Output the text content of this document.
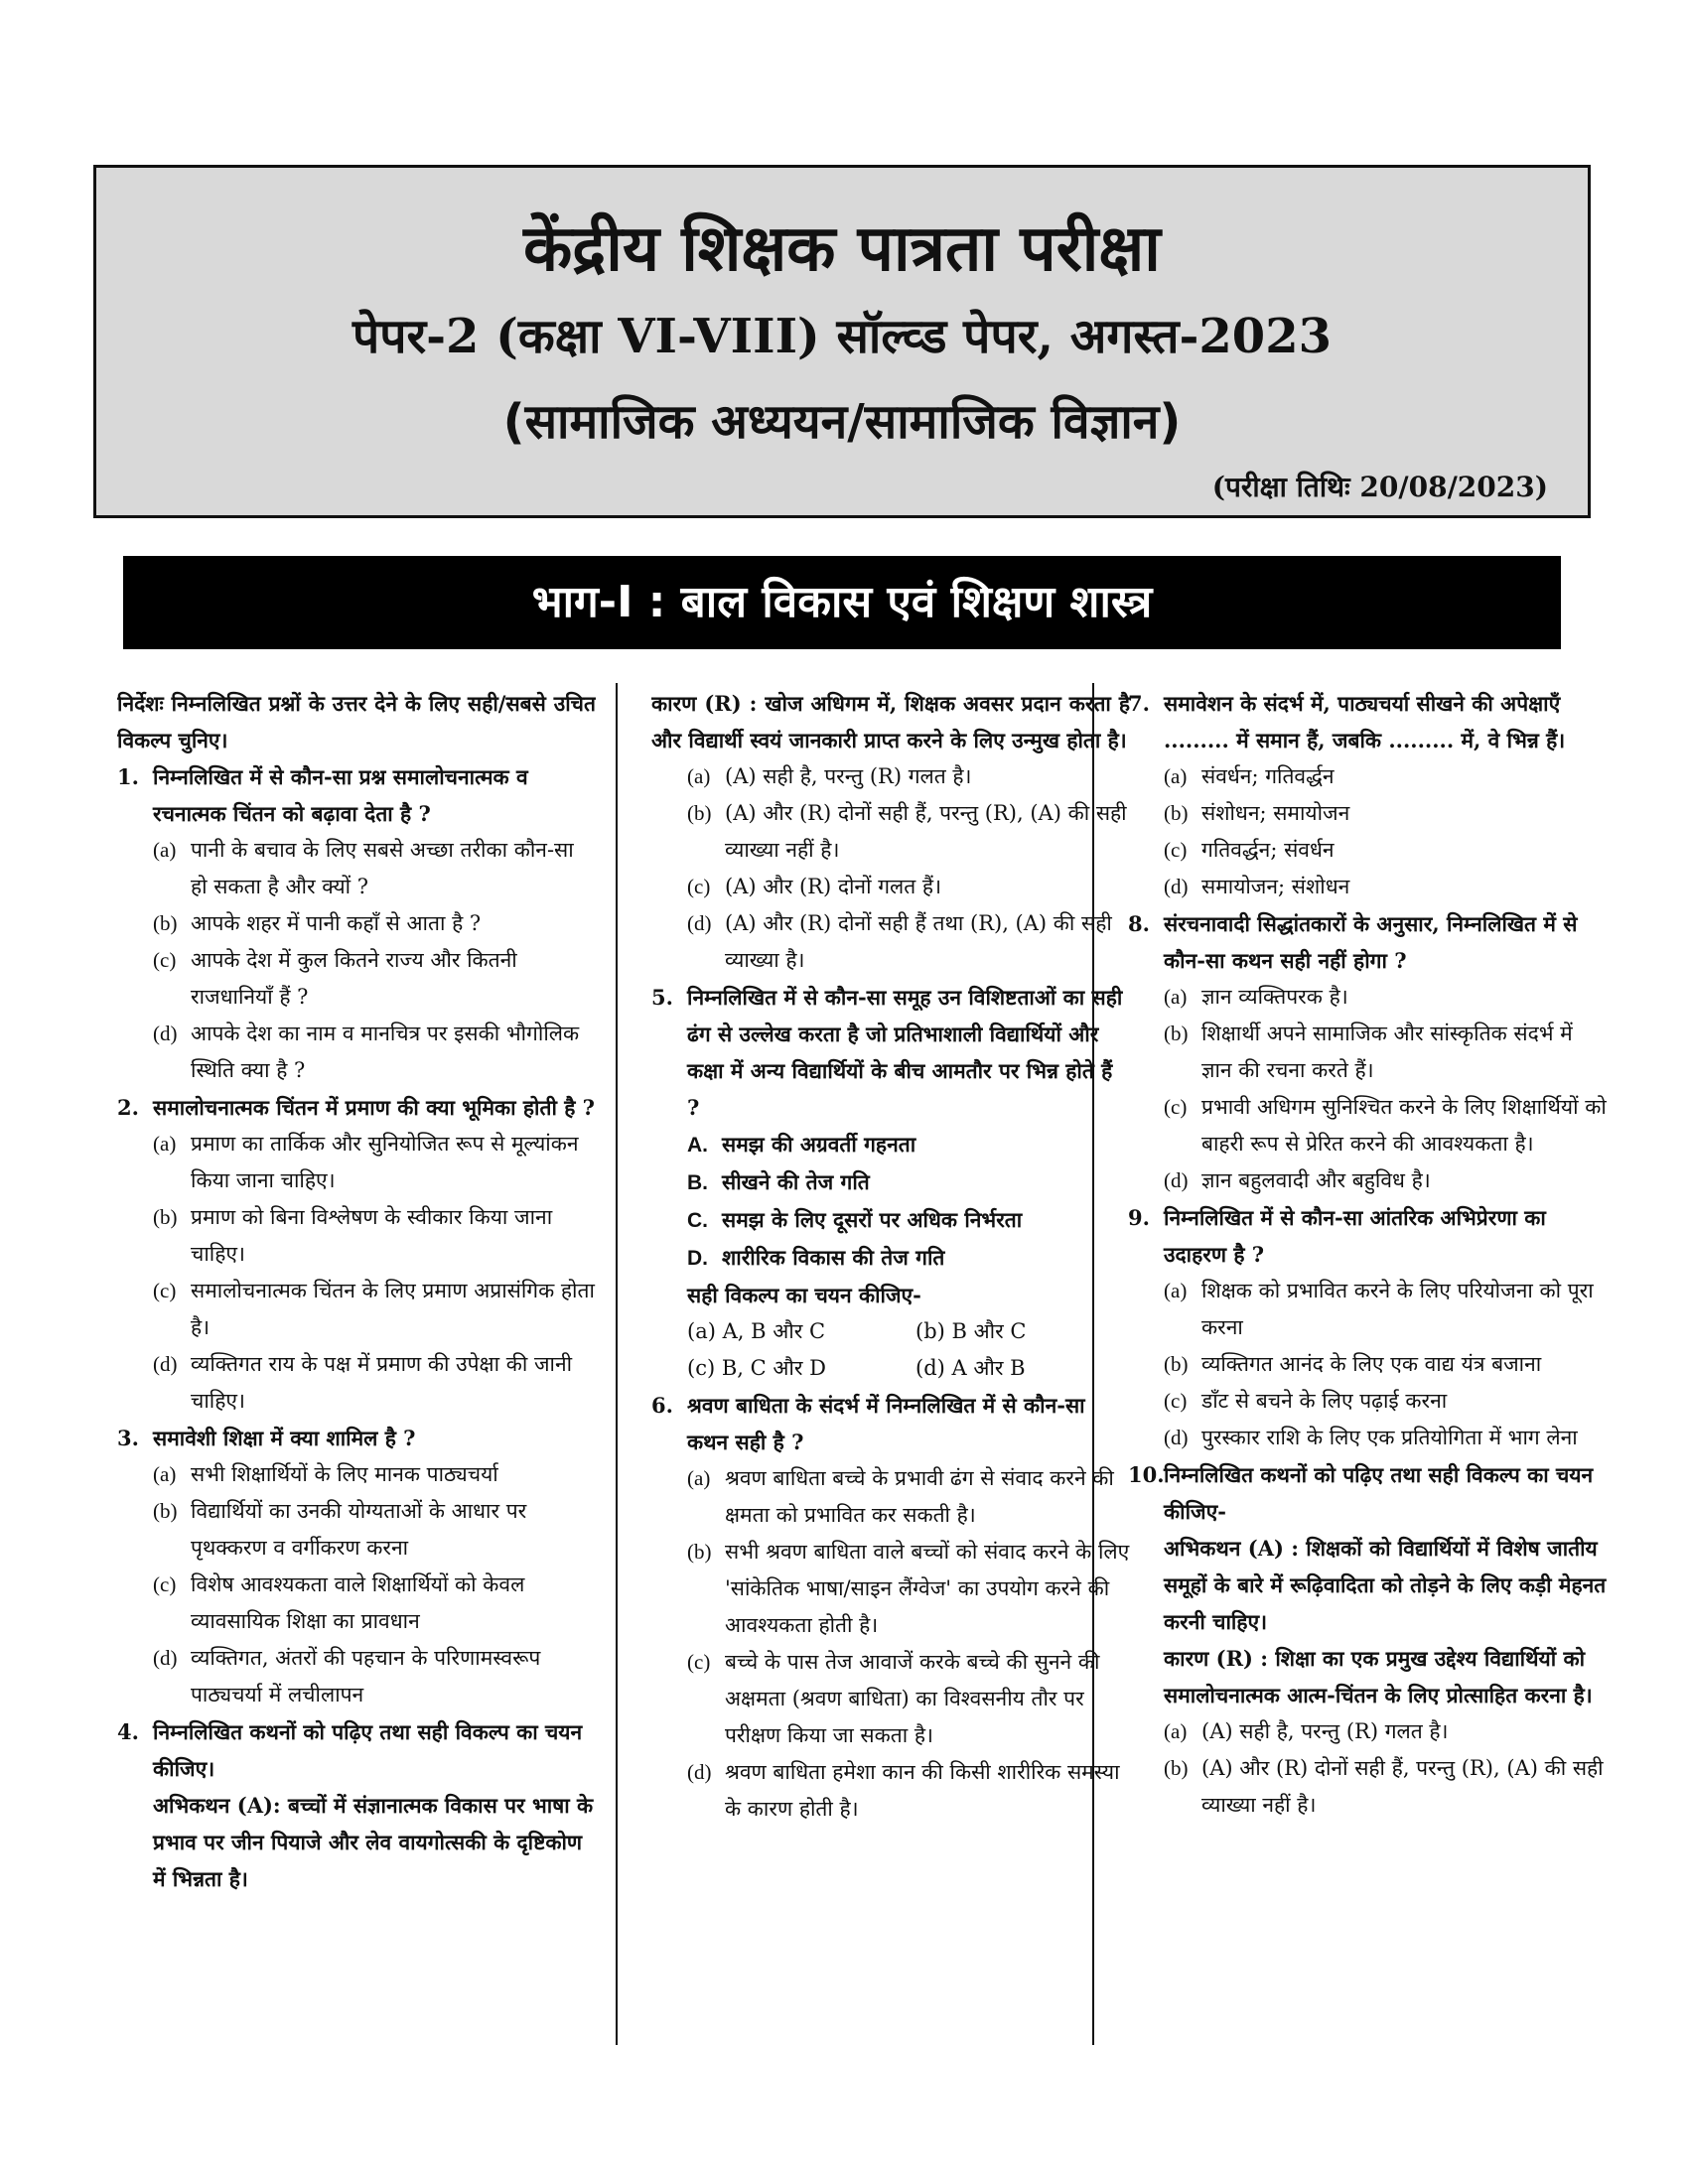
केंद्रीय शिक्षक पात्रता परीक्षा
पेपर-2 (कक्षा VI-VIII) सॉल्व्ड पेपर, अगस्त-2023
(सामाजिक अध्ययन/सामाजिक विज्ञान)
(परीक्षा तिथिः 20/08/2023)
भाग-I : बाल विकास एवं शिक्षण शास्त्र

निर्देशः निम्नलिखित प्रश्नों के उत्तर देने के लिए सही/सबसे उचित विकल्प चुनिए।

1. निम्नलिखित में से कौन-सा प्रश्न समालोचनात्मक व रचनात्मक चिंतन को बढ़ावा देता है ?

(a) पानी के बचाव के लिए सबसे अच्छा तरीका कौन-सा हो सकता है और क्यों ?

(b) आपके शहर में पानी कहाँ से आता है ?

(c) आपके देश में कुल कितने राज्य और कितनी राजधानियाँ हैं ?

(d) आपके देश का नाम व मानचित्र पर इसकी भौगोलिक स्थिति क्या है ?

2. समालोचनात्मक चिंतन में प्रमाण की क्या भूमिका होती है ?

(a) प्रमाण का तार्किक और सुनियोजित रूप से मूल्यांकन किया जाना चाहिए।

(b) प्रमाण को बिना विश्लेषण के स्वीकार किया जाना चाहिए।

(c) समालोचनात्मक चिंतन के लिए प्रमाण अप्रासंगिक होता है।

(d) व्यक्तिगत राय के पक्ष में प्रमाण की उपेक्षा की जानी चाहिए।

3. समावेशी शिक्षा में क्या शामिल है ?

(a) सभी शिक्षार्थियों के लिए मानक पाठ्यचर्या

(b) विद्यार्थियों का उनकी योग्यताओं के आधार पर पृथक्करण व वर्गीकरण करना

(c) विशेष आवश्यकता वाले शिक्षार्थियों को केवल व्यावसायिक शिक्षा का प्रावधान

(d) व्यक्तिगत, अंतरों की पहचान के परिणामस्वरूप पाठ्यचर्या में लचीलापन

4. निम्नलिखित कथनों को पढ़िए तथा सही विकल्प का चयन कीजिए।

अभिकथन (A): बच्चों में संज्ञानात्मक विकास पर भाषा के प्रभाव पर जीन पियाजे और लेव वायगोत्सकी के दृष्टिकोण में भिन्नता है।

कारण (R) : खोज अधिगम में, शिक्षक अवसर प्रदान करता है और विद्यार्थी स्वयं जानकारी प्राप्त करने के लिए उन्मुख होता है।

(a) (A) सही है, परन्तु (R) गलत है।

(b) (A) और (R) दोनों सही हैं, परन्तु (R), (A) की सही व्याख्या नहीं है।

(c) (A) और (R) दोनों गलत हैं।

(d) (A) और (R) दोनों सही हैं तथा (R), (A) की सही व्याख्या है।

5. निम्नलिखित में से कौन-सा समूह उन विशिष्टताओं का सही ढंग से उल्लेख करता है जो प्रतिभाशाली विद्यार्थियों और कक्षा में अन्य विद्यार्थियों के बीच आमतौर पर भिन्न होते हैं ?

A. समझ की अग्रवर्ती गहनता

B. सीखने की तेज गति

C. समझ के लिए दूसरों पर अधिक निर्भरता

D. शारीरिक विकास की तेज गति

सही विकल्प का चयन कीजिए-

(a) A, B और C	(b) B और C
(c) B, C और D	(d) A और B

6. श्रवण बाधिता के संदर्भ में निम्नलिखित में से कौन-सा कथन सही है ?

(a) श्रवण बाधिता बच्चे के प्रभावी ढंग से संवाद करने की क्षमता को प्रभावित कर सकती है।

(b) सभी श्रवण बाधिता वाले बच्चों को संवाद करने के लिए 'सांकेतिक भाषा/साइन लैंग्वेज' का उपयोग करने की आवश्यकता होती है।

(c) बच्चे के पास तेज आवाजें करके बच्चे की सुनने की अक्षमता (श्रवण बाधिता) का विश्वसनीय तौर पर परीक्षण किया जा सकता है।

(d) श्रवण बाधिता हमेशा कान की किसी शारीरिक समस्या के कारण होती है।

7. समावेशन के संदर्भ में, पाठ्यचर्या सीखने की अपेक्षाएँ ......... में समान हैं, जबकि ......... में, वे भिन्न हैं।

(a) संवर्धन; गतिवर्द्धन

(b) संशोधन; समायोजन

(c) गतिवर्द्धन; संवर्धन

(d) समायोजन; संशोधन

8. संरचनावादी सिद्धांतकारों के अनुसार, निम्नलिखित में से कौन-सा कथन सही नहीं होगा ?

(a) ज्ञान व्यक्तिपरक है।

(b) शिक्षार्थी अपने सामाजिक और सांस्कृतिक संदर्भ में ज्ञान की रचना करते हैं।

(c) प्रभावी अधिगम सुनिश्चित करने के लिए शिक्षार्थियों को बाहरी रूप से प्रेरित करने की आवश्यकता है।

(d) ज्ञान बहुलवादी और बहुविध है।

9. निम्नलिखित में से कौन-सा आंतरिक अभिप्रेरणा का उदाहरण है ?

(a) शिक्षक को प्रभावित करने के लिए परियोजना को पूरा करना

(b) व्यक्तिगत आनंद के लिए एक वाद्य यंत्र बजाना

(c) डाँट से बचने के लिए पढ़ाई करना

(d) पुरस्कार राशि के लिए एक प्रतियोगिता में भाग लेना

10. निम्नलिखित कथनों को पढ़िए तथा सही विकल्प का चयन कीजिए-

अभिकथन (A) : शिक्षकों को विद्यार्थियों में विशेष जातीय समूहों के बारे में रूढ़िवादिता को तोड़ने के लिए कड़ी मेहनत करनी चाहिए।

कारण (R) : शिक्षा का एक प्रमुख उद्देश्य विद्यार्थियों को समालोचनात्मक आत्म-चिंतन के लिए प्रोत्साहित करना है।

(a) (A) सही है, परन्तु (R) गलत है।

(b) (A) और (R) दोनों सही हैं, परन्तु (R), (A) की सही व्याख्या नहीं है।
